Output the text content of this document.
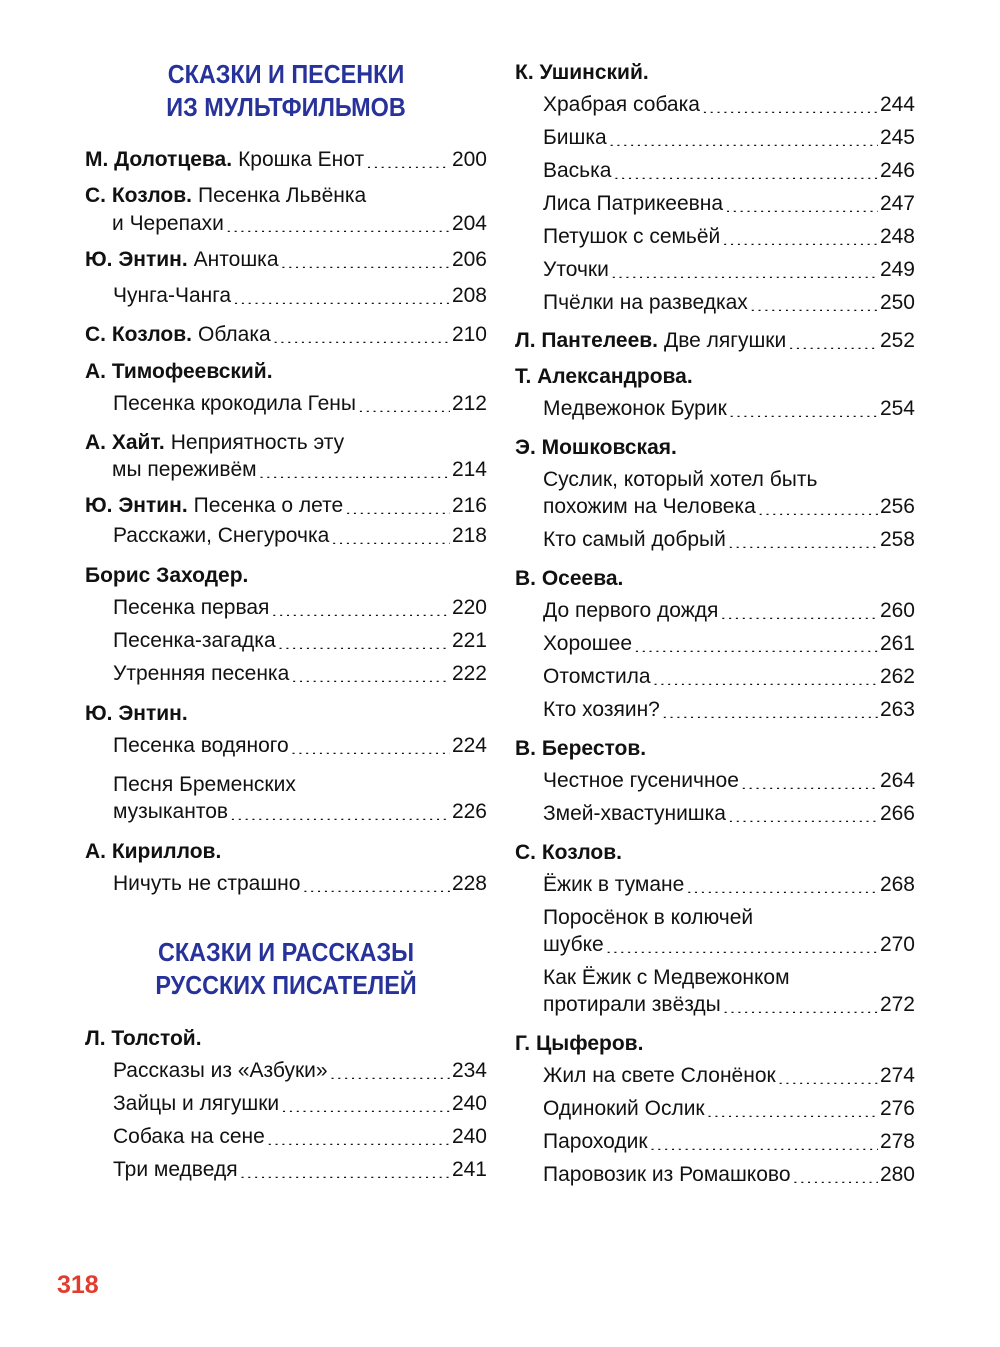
СКАЗКИ И ПЕСЕНКИ
ИЗ МУЛЬТФИЛЬМОВ
М. Долотцева. Крошка Енот .....	200
С. Козлов. Песенка Львёнка
и Черепахи .....	204
Ю. Энтин. Антошка .....	206
Чунга-Чанга .....	208
С. Козлов. Облака .....	210
А. Тимофеевский.
Песенка крокодила Гены .....	212
А. Хайт. Неприятность эту
мы переживём .....	214
Ю. Энтин. Песенка о лете .....	216
Расскажи, Снегурочка .....	218
Борис Заходер.
Песенка первая .....	220
Песенка-загадка .....	221
Утренняя песенка .....	222
Ю. Энтин.
Песенка водяного .....	224
Песня Бременских
музыкантов .....	226
А. Кириллов.
Ничуть не страшно .....	228
СКАЗКИ И РАССКАЗЫ
РУССКИХ ПИСАТЕЛЕЙ
Л. Толстой.
Рассказы из «Азбуки» .....	234
Зайцы и лягушки .....	240
Собака на сене .....	240
Три медведя .....	241
К. Ушинский.
Храбрая собака .....	244
Бишка .....	245
Васька .....	246
Лиса Патрикеевна .....	247
Петушок с семьёй .....	248
Уточки .....	249
Пчёлки на разведках .....	250
Л. Пантелеев. Две лягушки .....	252
Т. Александрова.
Медвежонок Бурик .....	254
Э. Мошковская.
Суслик, который хотел быть
похожим на Человека .....	256
Кто самый добрый .....	258
В. Осеева.
До первого дождя .....	260
Хорошее .....	261
Отомстила .....	262
Кто хозяин? .....	263
В. Берестов.
Честное гусеничное .....	264
Змей-хвастунишка .....	266
С. Козлов.
Ёжик в тумане .....	268
Поросёнок в колючей
шубке .....	270
Как Ёжик с Медвежонком
протирали звёзды .....	272
Г. Цыферов.
Жил на свете Слонёнок .....	274
Одинокий Ослик .....	276
Пароходик .....	278
Паровозик из Ромашково .....	280
318
